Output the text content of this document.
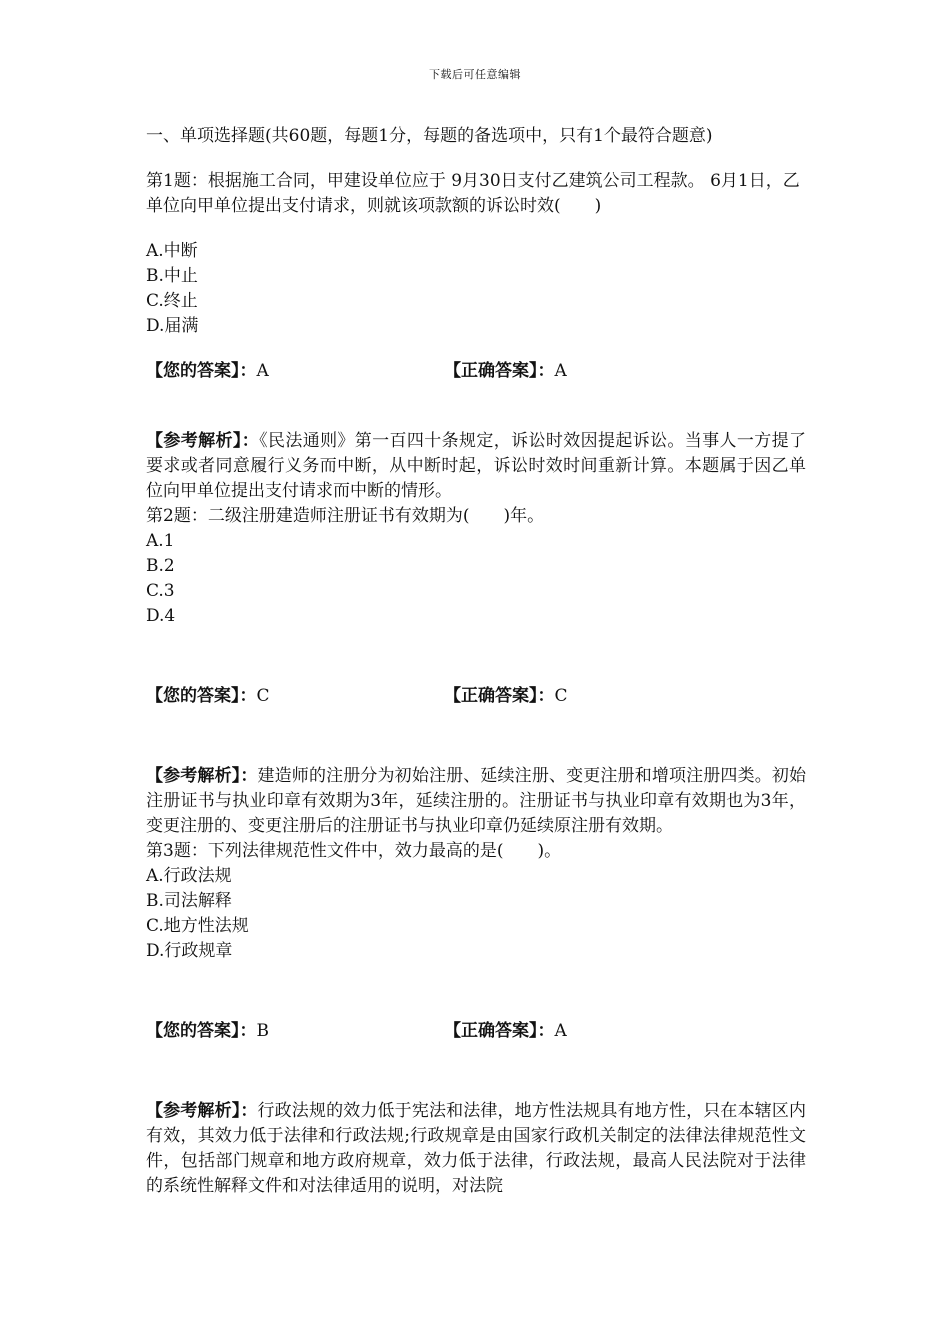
下载后可任意编辑

一、单项选择题(共60题，每题1分，每题的备选项中，只有1个最符合题意)

第1题：根据施工合同，甲建设单位应于 9月30日支付乙建筑公司工程款。 6月1日，乙单位向甲单位提出支付请求，则就该项款额的诉讼时效(　　)

A.中断

B.中止

C.终止

D.届满

【您的答案】：A	【正确答案】：A

【参考解析】：《民法通则》第一百四十条规定，诉讼时效因提起诉讼。当事人一方提了要求或者同意履行义务而中断，从中断时起，诉讼时效时间重新计算。本题属于因乙单位向甲单位提出支付请求而中断的情形。

第2题：二级注册建造师注册证书有效期为(　　)年。

A.1

B.2

C.3

D.4

【您的答案】：C	【正确答案】：C

【参考解析】：建造师的注册分为初始注册、延续注册、变更注册和增项注册四类。初始注册证书与执业印章有效期为3年，延续注册的。注册证书与执业印章有效期也为3年，变更注册的、变更注册后的注册证书与执业印章仍延续原注册有效期。

第3题：下列法律规范性文件中，效力最高的是(　　)。

A.行政法规

B.司法解释

C.地方性法规

D.行政规章

【您的答案】：B	【正确答案】：A

【参考解析】：行政法规的效力低于宪法和法律，地方性法规具有地方性，只在本辖区内有效，其效力低于法律和行政法规;行政规章是由国家行政机关制定的法律法律规范性文件，包括部门规章和地方政府规章，效力低于法律，行政法规，最高人民法院对于法律的系统性解释文件和对法律适用的说明，对法院
